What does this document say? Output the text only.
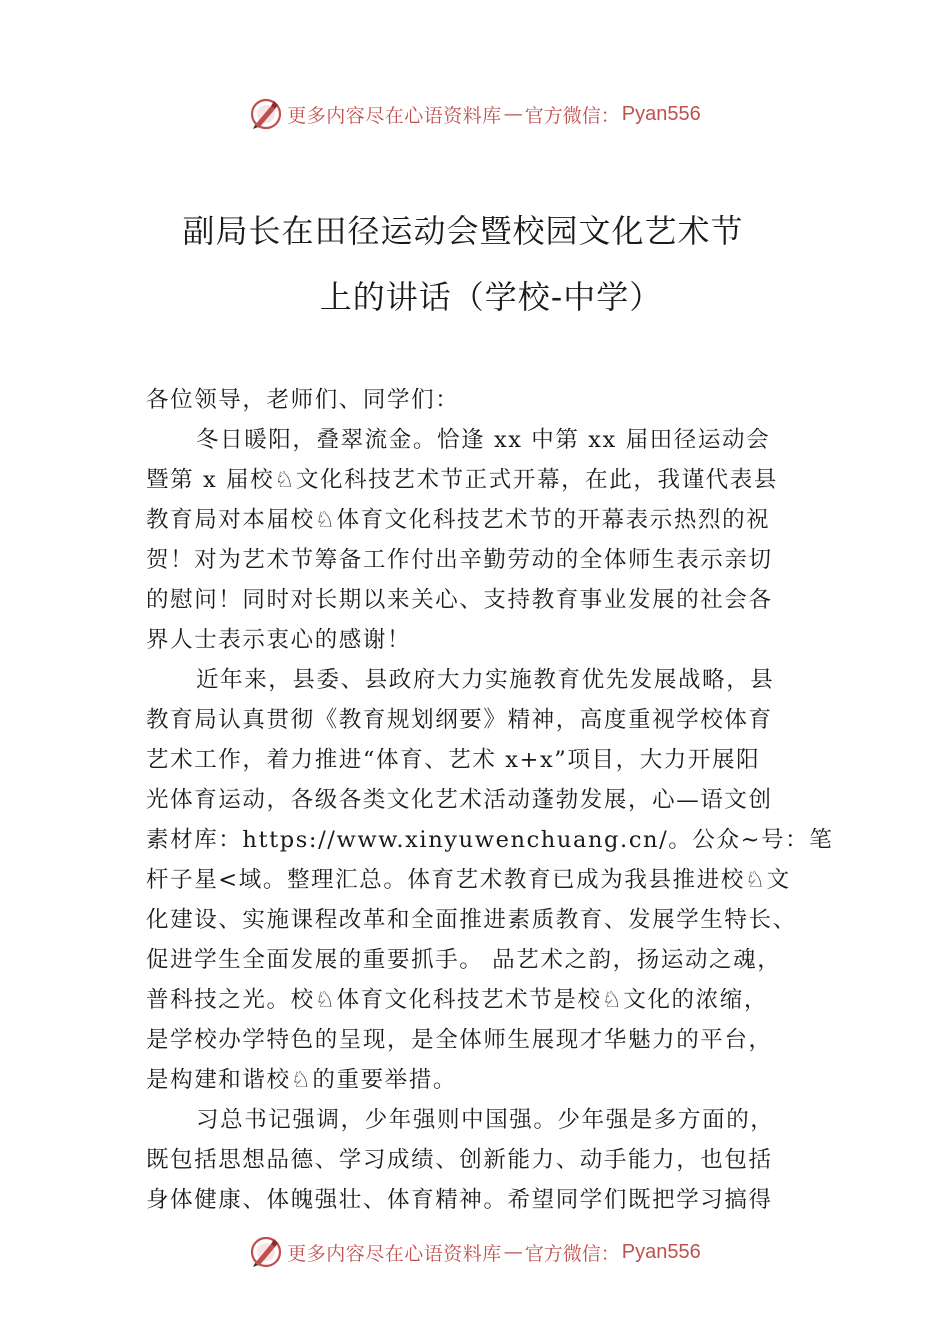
更多内容尽在心语资料库 — 官方微信： Pyan556
副局长在田径运动会暨校园文化艺术节
上的讲话（学校-中学）
各位领导，老师们、同学们：
冬日暖阳，叠翠流金。恰逢 xx 中第 xx 届田径运动会
暨第 x 届校♘文化科技艺术节正式开幕，在此，我谨代表县
教育局对本届校♘体育文化科技艺术节的开幕表示热烈的祝
贺！对为艺术节筹备工作付出辛勤劳动的全体师生表示亲切
的慰问！同时对长期以来关心、支持教育事业发展的社会各
界人士表示衷心的感谢！
近年来，县委、县政府大力实施教育优先发展战略，县
教育局认真贯彻《教育规划纲要》精神，高度重视学校体育
艺术工作，着力推进“体育、艺术 x+x”项目，大力开展阳
光体育运动，各级各类文化艺术活动蓬勃发展，心—语文创
素材库：https://www.xinyuwenchuang.cn/。公众~号：笔
杆子星<域。整理汇总。体育艺术教育已成为我县推进校♘文
化建设、实施课程改革和全面推进素质教育、发展学生特长、
促进学生全面发展的重要抓手。 品艺术之韵，扬运动之魂，
普科技之光。校♘体育文化科技艺术节是校♘文化的浓缩，
是学校办学特色的呈现，是全体师生展现才华魅力的平台，
是构建和谐校♘的重要举措。
习总书记强调，少年强则中国强。少年强是多方面的，
既包括思想品德、学习成绩、创新能力、动手能力，也包括
身体健康、体魄强壮、体育精神。希望同学们既把学习搞得
更多内容尽在心语资料库 — 官方微信： Pyan556
